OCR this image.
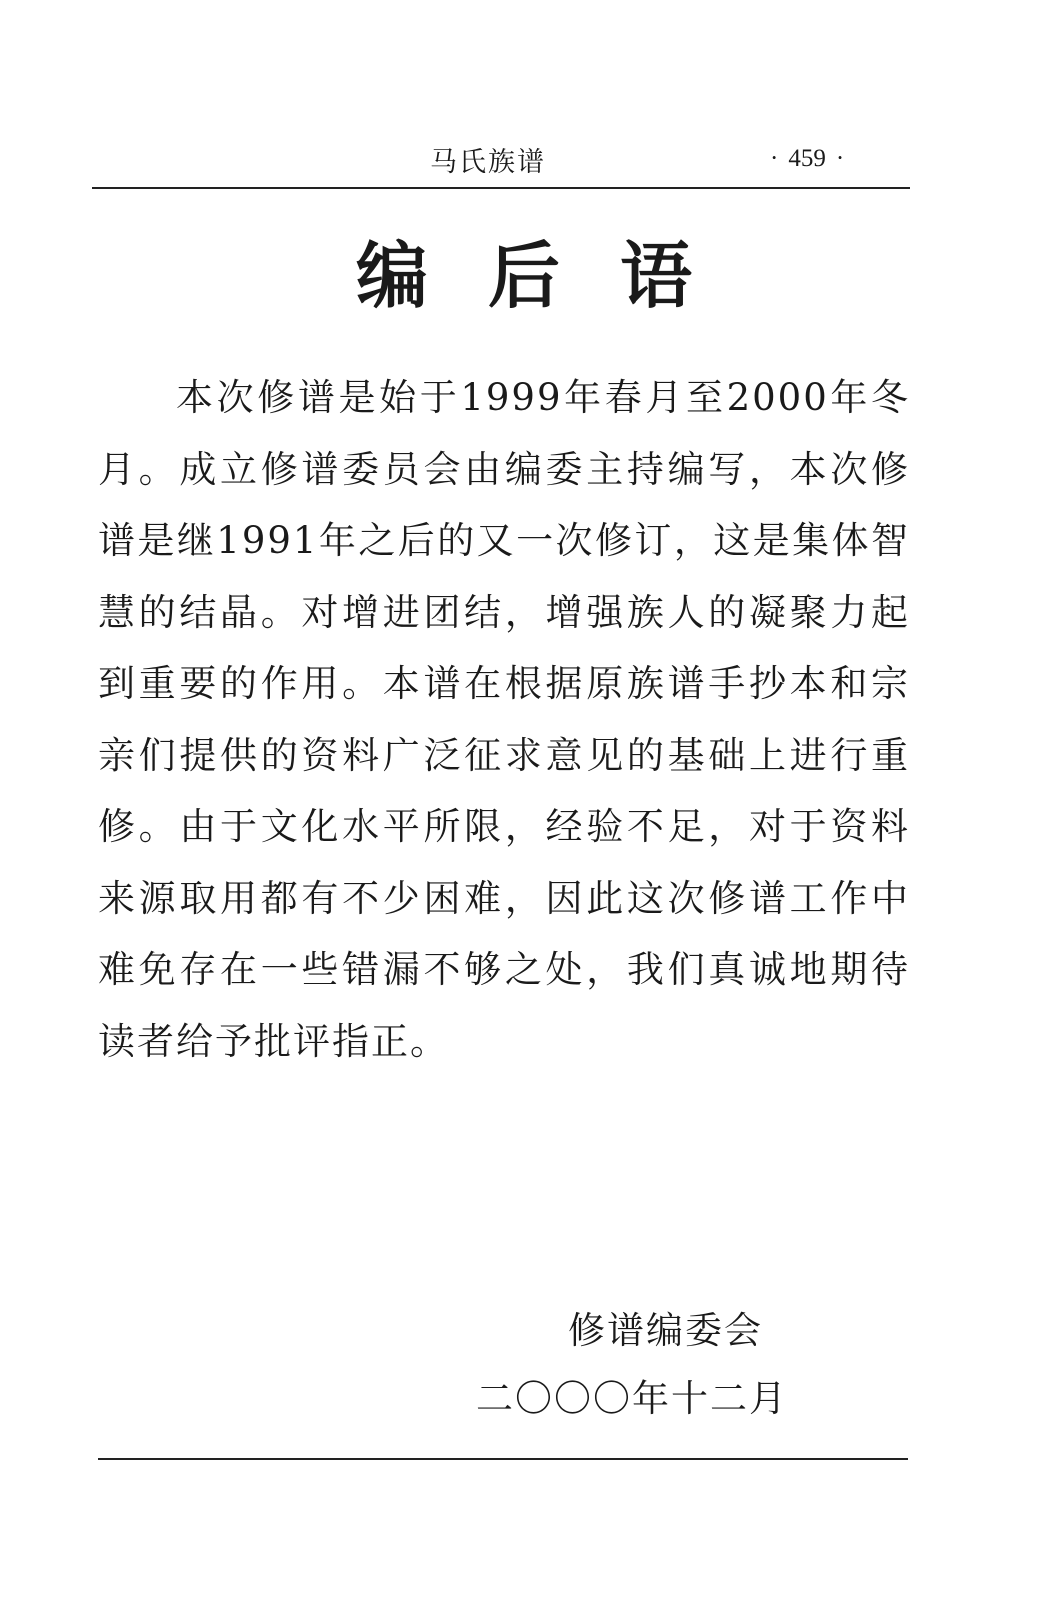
马氏族谱	· 459 ·
编后语

本次修谱是始于1999年春月至2000年冬月。成立修谱委员会由编委主持编写，本次修谱是继1991年之后的又一次修订，这是集体智慧的结晶。对增进团结，增强族人的凝聚力起到重要的作用。本谱在根据原族谱手抄本和宗亲们提供的资料广泛征求意见的基础上进行重修。由于文化水平所限，经验不足，对于资料来源取用都有不少困难，因此这次修谱工作中难免存在一些错漏不够之处，我们真诚地期待读者给予批评指正。

修谱编委会
二〇〇〇年十二月
